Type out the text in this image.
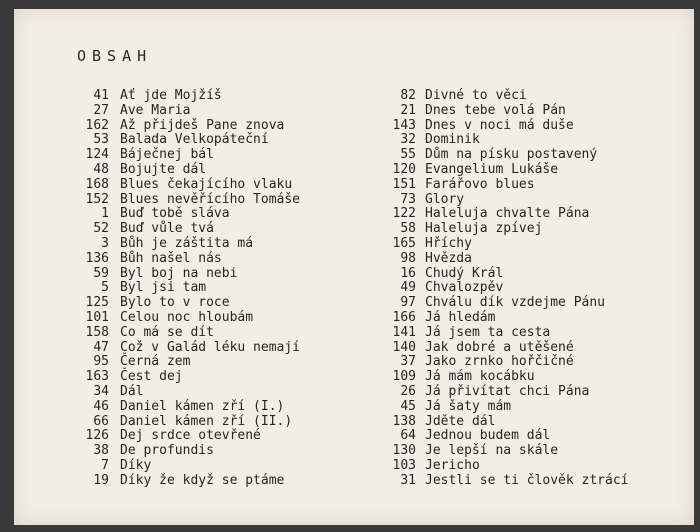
OBSAH
41 Ať jde Mojžíš
27 Ave Maria
162 Až přijdeš Pane znova
53 Balada Velkopáteční
124 Báječnej bál
48 Bojujte dál
168 Blues čekajícího vlaku
152 Blues nevěřícího Tomáše
1 Buď tobě sláva
52 Buď vůle tvá
3 Bůh je záštita má
136 Bůh našel nás
59 Byl boj na nebi
5 Byl jsi tam
125 Bylo to v roce
101 Celou noc hloubám
158 Co má se dít
47 Což v Galád léku nemají
95 Černá zem
163 Čest dej
34 Dál
46 Daniel kámen zří (I.)
66 Daniel kámen zří (II.)
126 Dej srdce otevřené
38 De profundis
7 Díky
19 Díky že když se ptáme
82 Divné to věci
21 Dnes tebe volá Pán
143 Dnes v noci má duše
32 Dominik
55 Dům na písku postavený
120 Evangelium Lukáše
151 Farářovo blues
73 Glory
122 Haleluja chvalte Pána
58 Haleluja zpívej
165 Hříchy
98 Hvězda
16 Chudý Král
49 Chvalozpěv
97 Chválu dík vzdejme Pánu
166 Já hledám
141 Já jsem ta cesta
140 Jak dobré a utěšené
37 Jako zrnko hořčičné
109 Já mám kocábku
26 Já přivítat chci Pána
45 Já šaty mám
138 Jděte dál
64 Jednou budem dál
130 Je lepší na skále
103 Jericho
31 Jestli se ti člověk ztrácí
